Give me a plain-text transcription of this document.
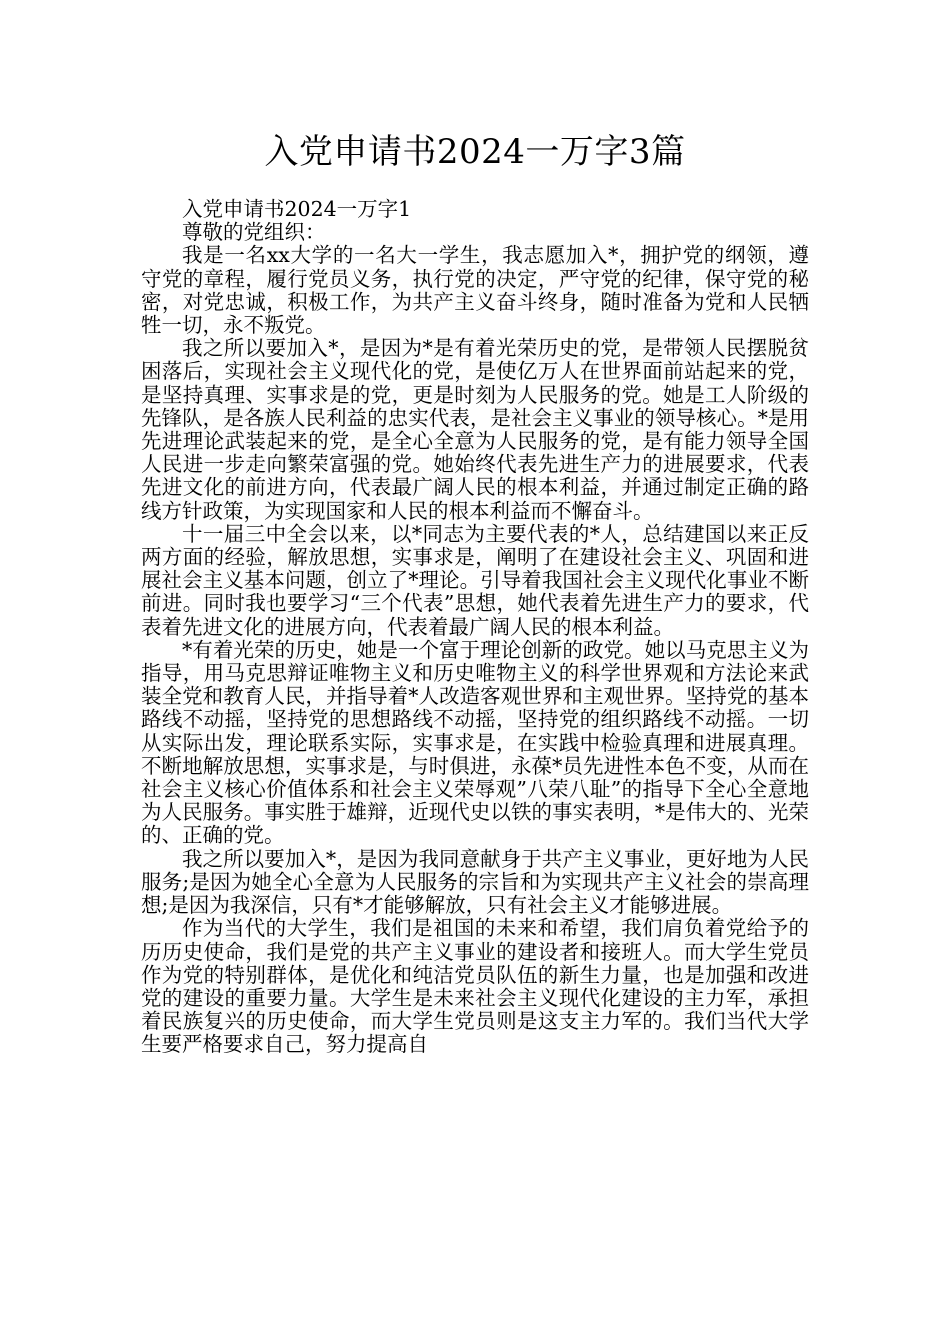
入党申请书2024一万字3篇

入党申请书2024一万字1

尊敬的党组织：

我是一名xx大学的一名大一学生，我志愿加入*，拥护党的纲领，遵守党的章程，履行党员义务，执行党的决定，严守党的纪律，保守党的秘密，对党忠诚，积极工作，为共产主义奋斗终身，随时准备为党和人民牺牲一切，永不叛党。

我之所以要加入*，是因为*是有着光荣历史的党，是带领人民摆脱贫困落后，实现社会主义现代化的党，是使亿万人在世界面前站起来的党，是坚持真理、实事求是的党，更是时刻为人民服务的党。她是工人阶级的先锋队，是各族人民利益的忠实代表，是社会主义事业的领导核心。*是用先进理论武装起来的党，是全心全意为人民服务的党，是有能力领导全国人民进一步走向繁荣富强的党。她始终代表先进生产力的进展要求，代表先进文化的前进方向，代表最广阔人民的根本利益，并通过制定正确的路线方针政策，为实现国家和人民的根本利益而不懈奋斗。

十一届三中全会以来，以*同志为主要代表的*人，总结建国以来正反两方面的经验，解放思想，实事求是，阐明了在建设社会主义、巩固和进展社会主义基本问题，创立了*理论。引导着我国社会主义现代化事业不断前进。同时我也要学习“三个代表”思想，她代表着先进生产力的要求，代表着先进文化的进展方向，代表着最广阔人民的根本利益。

*有着光荣的历史，她是一个富于理论创新的政党。她以马克思主义为指导，用马克思辩证唯物主义和历史唯物主义的科学世界观和方法论来武装全党和教育人民，并指导着*人改造客观世界和主观世界。坚持党的基本路线不动摇，坚持党的思想路线不动摇，坚持党的组织路线不动摇。一切从实际出发，理论联系实际，实事求是，在实践中检验真理和进展真理。不断地解放思想，实事求是，与时俱进，永葆*员先进性本色不变，从而在社会主义核心价值体系和社会主义荣辱观”八荣八耻”的指导下全心全意地为人民服务。事实胜于雄辩，近现代史以铁的事实表明，*是伟大的、光荣的、正确的党。

我之所以要加入*，是因为我同意献身于共产主义事业，更好地为人民服务;是因为她全心全意为人民服务的宗旨和为实现共产主义社会的崇高理想;是因为我深信，只有*才能够解放，只有社会主义才能够进展。

作为当代的大学生，我们是祖国的未来和希望，我们肩负着党给予的历历史使命，我们是党的共产主义事业的建设者和接班人。而大学生党员作为党的特别群体，是优化和纯洁党员队伍的新生力量，也是加强和改进党的建设的重要力量。大学生是未来社会主义现代化建设的主力军，承担着民族复兴的历史使命，而大学生党员则是这支主力军的。我们当代大学生要严格要求自己，努力提高自
